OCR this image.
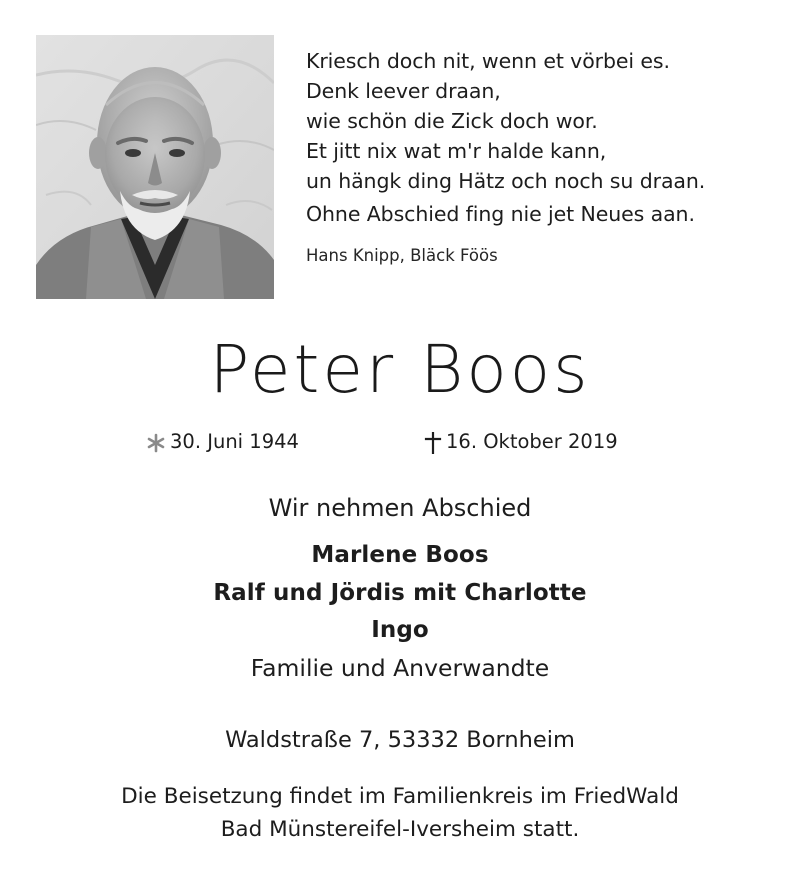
Kriesch doch nit, wenn et vörbei es.
Denk leever draan,
wie schön die Zick doch wor.
Et jitt nix wat m'r halde kann,
un hängk ding Hätz och noch su draan.
Ohne Abschied fing nie jet Neues aan.
Hans Knipp, Bläck Föös
Peter Boos
30. Juni 1944	16. Oktober 2019
Wir nehmen Abschied
Marlene Boos
Ralf und Jördis mit Charlotte
Ingo
Familie und Anverwandte
Waldstraße 7, 53332 Bornheim
Die Beisetzung findet im Familienkreis im FriedWald
Bad Münstereifel-Iversheim statt.
